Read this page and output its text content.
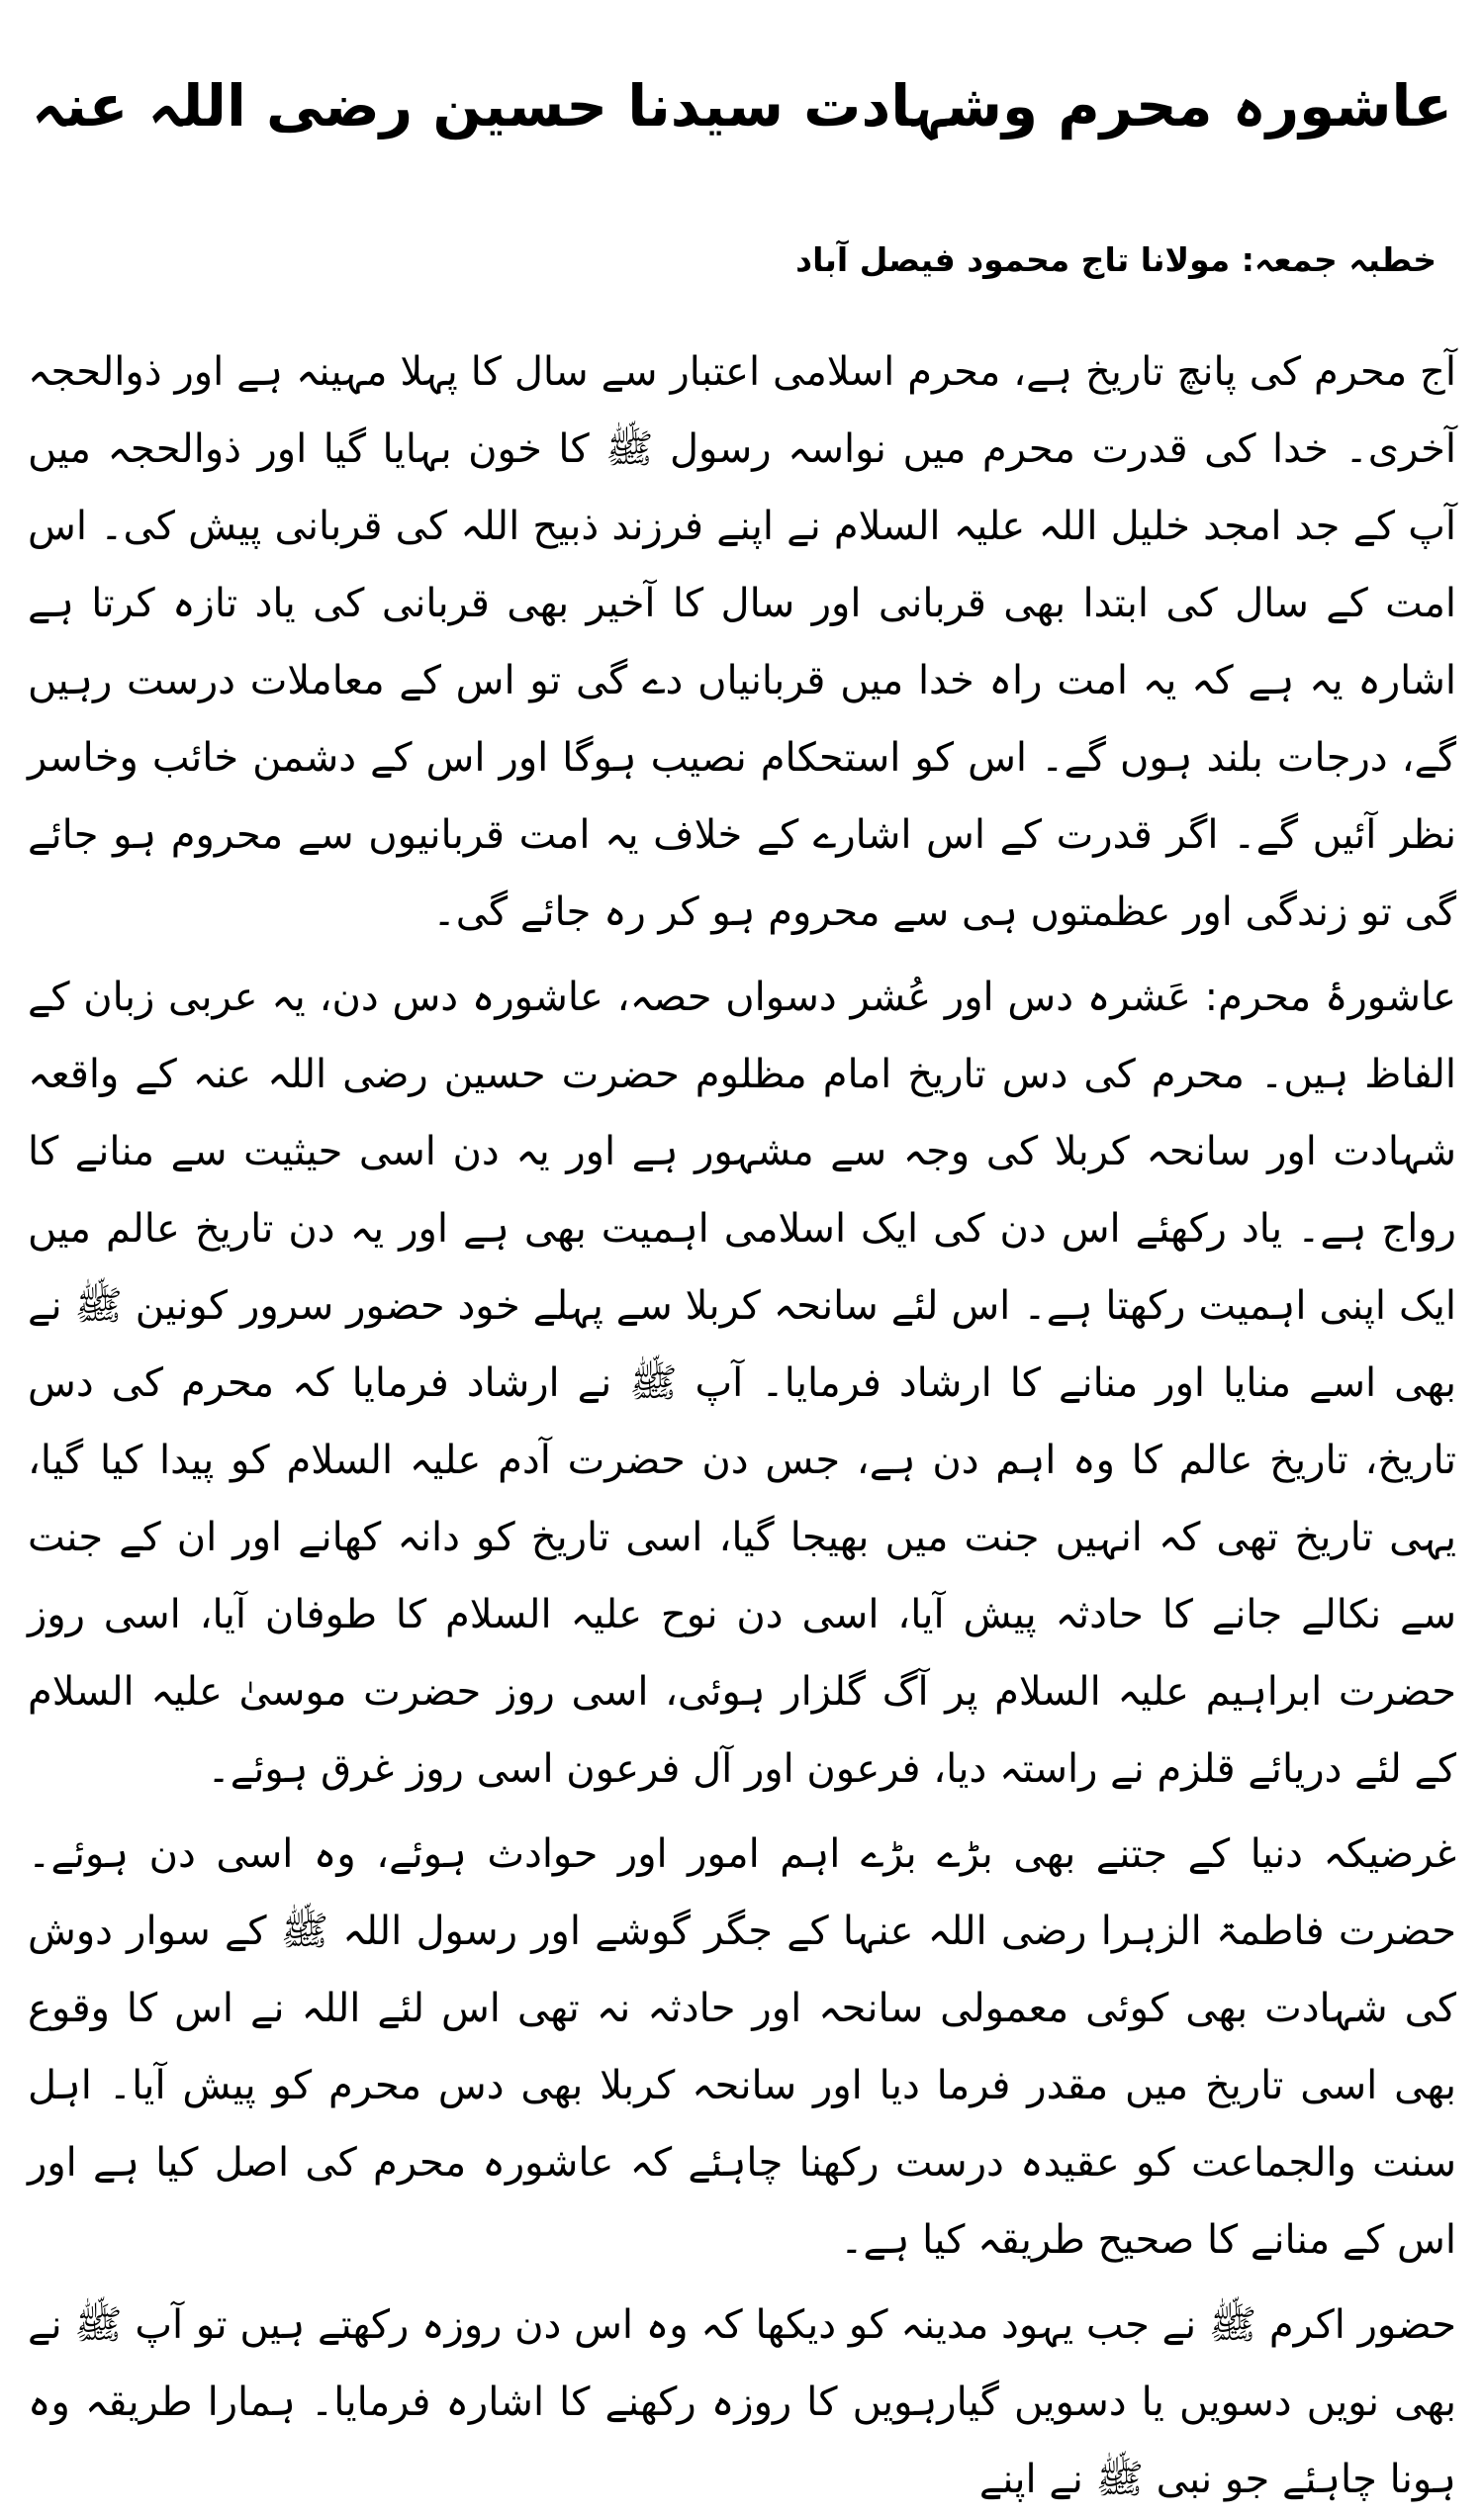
عاشورہ محرم وشہادت سیدنا حسین رضی اللہ عنہ
خطبہ جمعہ: مولانا تاج محمود فیصل آباد

آج محرم کی پانچ تاریخ ہے، محرم اسلامی اعتبار سے سال کا پہلا مہینہ ہے اور ذوالحجہ آخری۔ خدا کی قدرت محرم میں نواسہ رسول ﷺ کا خون بہایا گیا اور ذوالحجہ میں آپ کے جد امجد خلیل اللہ علیہ السلام نے اپنے فرزند ذبیح اللہ کی قربانی پیش کی۔ اس امت کے سال کی ابتدا بھی قربانی اور سال کا آخیر بھی قربانی کی یاد تازہ کرتا ہے اشارہ یہ ہے کہ یہ امت راہ خدا میں قربانیاں دے گی تو اس کے معاملات درست رہیں گے، درجات بلند ہوں گے۔ اس کو استحکام نصیب ہوگا اور اس کے دشمن خائب وخاسر نظر آئیں گے۔ اگر قدرت کے اس اشارے کے خلاف یہ امت قربانیوں سے محروم ہو جائے گی تو زندگی اور عظمتوں ہی سے محروم ہو کر رہ جائے گی۔

عاشورۂ محرم: عَشرہ دس اور عُشر دسواں حصہ، عاشورہ دس دن، یہ عربی زبان کے الفاظ ہیں۔ محرم کی دس تاریخ امام مظلوم حضرت حسین رضی اللہ عنہ کے واقعہ شہادت اور سانحہ کربلا کی وجہ سے مشہور ہے اور یہ دن اسی حیثیت سے منانے کا رواج ہے۔ یاد رکھئے اس دن کی ایک اسلامی اہمیت بھی ہے اور یہ دن تاریخ عالم میں ایک اپنی اہمیت رکھتا ہے۔ اس لئے سانحہ کربلا سے پہلے خود حضور سرور کونین ﷺ نے بھی اسے منایا اور منانے کا ارشاد فرمایا۔ آپ ﷺ نے ارشاد فرمایا کہ محرم کی دس تاریخ، تاریخ عالم کا وہ اہم دن ہے، جس دن حضرت آدم علیہ السلام کو پیدا کیا گیا، یہی تاریخ تھی کہ انہیں جنت میں بھیجا گیا، اسی تاریخ کو دانہ کھانے اور ان کے جنت سے نکالے جانے کا حادثہ پیش آیا، اسی دن نوح علیہ السلام کا طوفان آیا، اسی روز حضرت ابراہیم علیہ السلام پر آگ گلزار ہوئی، اسی روز حضرت موسیٰ علیہ السلام کے لئے دریائے قلزم نے راستہ دیا، فرعون اور آل فرعون اسی روز غرق ہوئے۔

غرضیکہ دنیا کے جتنے بھی بڑے بڑے اہم امور اور حوادث ہوئے، وہ اسی دن ہوئے۔ حضرت فاطمۃ الزہرا رضی اللہ عنہا کے جگر گوشے اور رسول اللہ ﷺ کے سوار دوش کی شہادت بھی کوئی معمولی سانحہ اور حادثہ نہ تھی اس لئے اللہ نے اس کا وقوع بھی اسی تاریخ میں مقدر فرما دیا اور سانحہ کربلا بھی دس محرم کو پیش آیا۔ اہل سنت والجماعت کو عقیدہ درست رکھنا چاہئے کہ عاشورہ محرم کی اصل کیا ہے اور اس کے منانے کا صحیح طریقہ کیا ہے۔

حضور اکرم ﷺ نے جب یہود مدینہ کو دیکھا کہ وہ اس دن روزہ رکھتے ہیں تو آپ ﷺ نے بھی نویں دسویں یا دسویں گیارہویں کا روزہ رکھنے کا اشارہ فرمایا۔ ہمارا طریقہ وہ ہونا چاہئے جو نبی ﷺ نے اپنے
